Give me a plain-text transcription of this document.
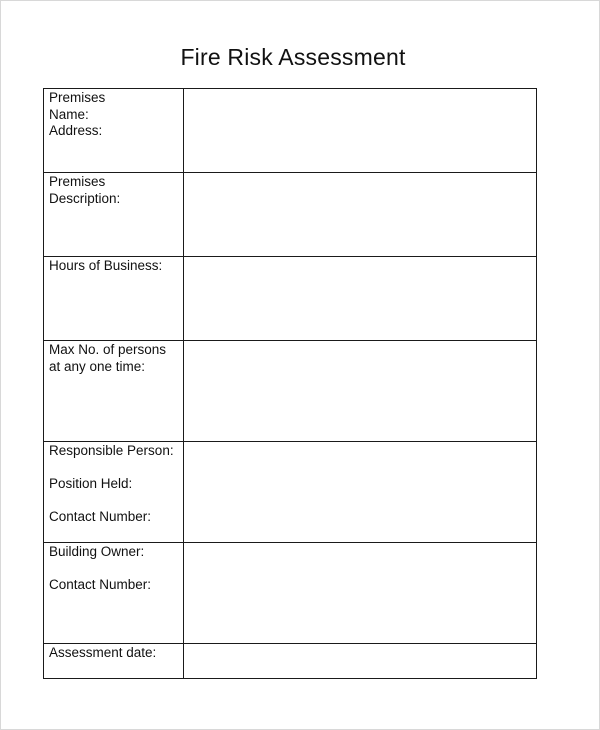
Fire Risk Assessment
Premises
Name:
Address:	

Premises
Description:	

Hours of Business:	

Max No. of persons
at any one time:	

Responsible Person:
Position Held:
Contact Number:	

Building Owner:
Contact Number:	

Assessment date:	
